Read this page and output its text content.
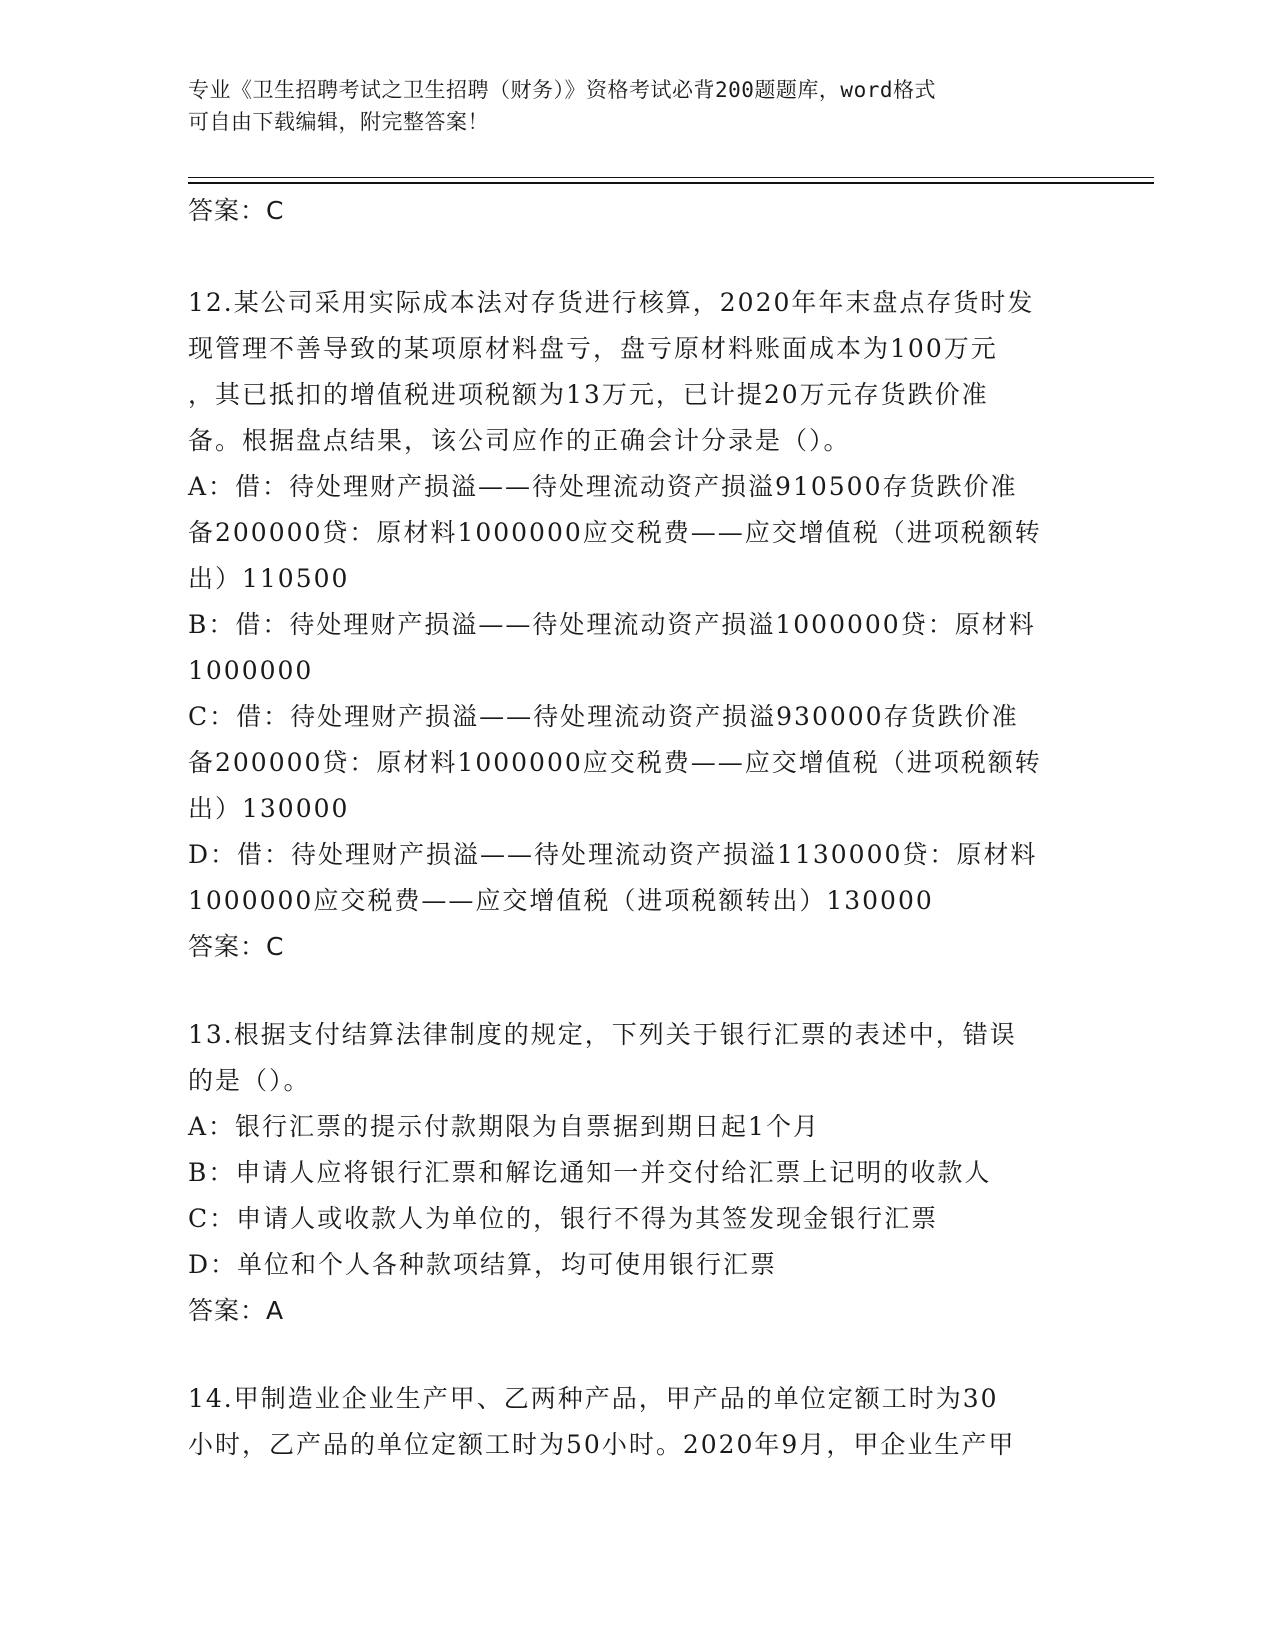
专业《卫生招聘考试之卫生招聘（财务）》资格考试必背200题题库，word格式

可自由下载编辑，附完整答案！

答案：C
12.某公司采用实际成本法对存货进行核算，2020年年末盘点存货时发
现管理不善导致的某项原材料盘亏，盘亏原材料账面成本为100万元
，其已抵扣的增值税进项税额为13万元，已计提20万元存货跌价准
备。根据盘点结果，该公司应作的正确会计分录是（）。
A：借：待处理财产损溢——待处理流动资产损溢910500存货跌价准
备200000贷：原材料1000000应交税费——应交增值税（进项税额转
出）110500
B：借：待处理财产损溢——待处理流动资产损溢1000000贷：原材料
1000000
C：借：待处理财产损溢——待处理流动资产损溢930000存货跌价准
备200000贷：原材料1000000应交税费——应交增值税（进项税额转
出）130000
D：借：待处理财产损溢——待处理流动资产损溢1130000贷：原材料
1000000应交税费——应交增值税（进项税额转出）130000
答案：C
13.根据支付结算法律制度的规定，下列关于银行汇票的表述中，错误
的是（）。
A：银行汇票的提示付款期限为自票据到期日起1个月
B：申请人应将银行汇票和解讫通知一并交付给汇票上记明的收款人
C：申请人或收款人为单位的，银行不得为其签发现金银行汇票
D：单位和个人各种款项结算，均可使用银行汇票
答案：A
14.甲制造业企业生产甲、乙两种产品，甲产品的单位定额工时为30
小时，乙产品的单位定额工时为50小时。2020年9月，甲企业生产甲
